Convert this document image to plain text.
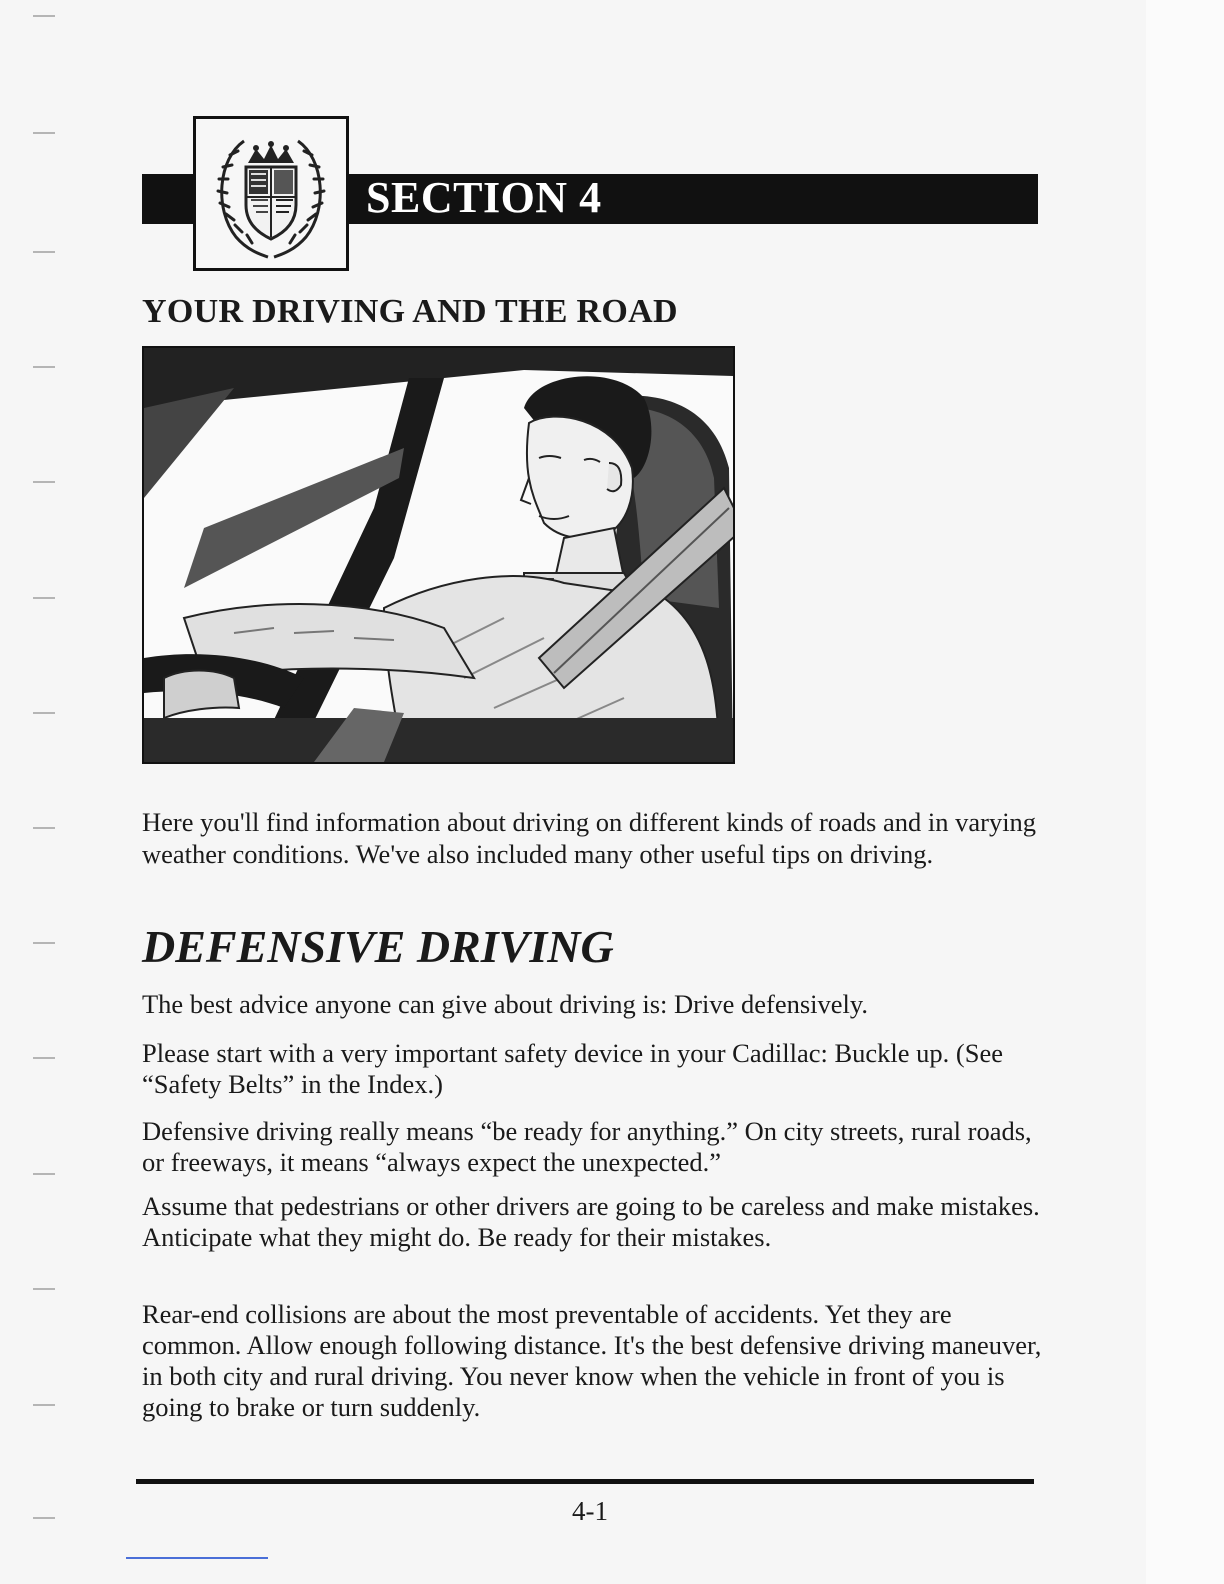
SECTION 4
YOUR DRIVING AND THE ROAD

Here you'll find information about driving on different kinds of roads and in varying weather conditions. We've also included many other useful tips on driving.

DEFENSIVE DRIVING

The best advice anyone can give about driving is: Drive defensively.

Please start with a very important safety device in your Cadillac: Buckle up. (See “Safety Belts” in the Index.)

Defensive driving really means “be ready for anything.” On city streets, rural roads, or freeways, it means “always expect the unexpected.”

Assume that pedestrians or other drivers are going to be careless and make mistakes. Anticipate what they might do. Be ready for their mistakes.

Rear-end collisions are about the most preventable of accidents. Yet they are common. Allow enough following distance. It's the best defensive driving maneuver, in both city and rural driving. You never know when the vehicle in front of you is going to brake or turn suddenly.

4-1
